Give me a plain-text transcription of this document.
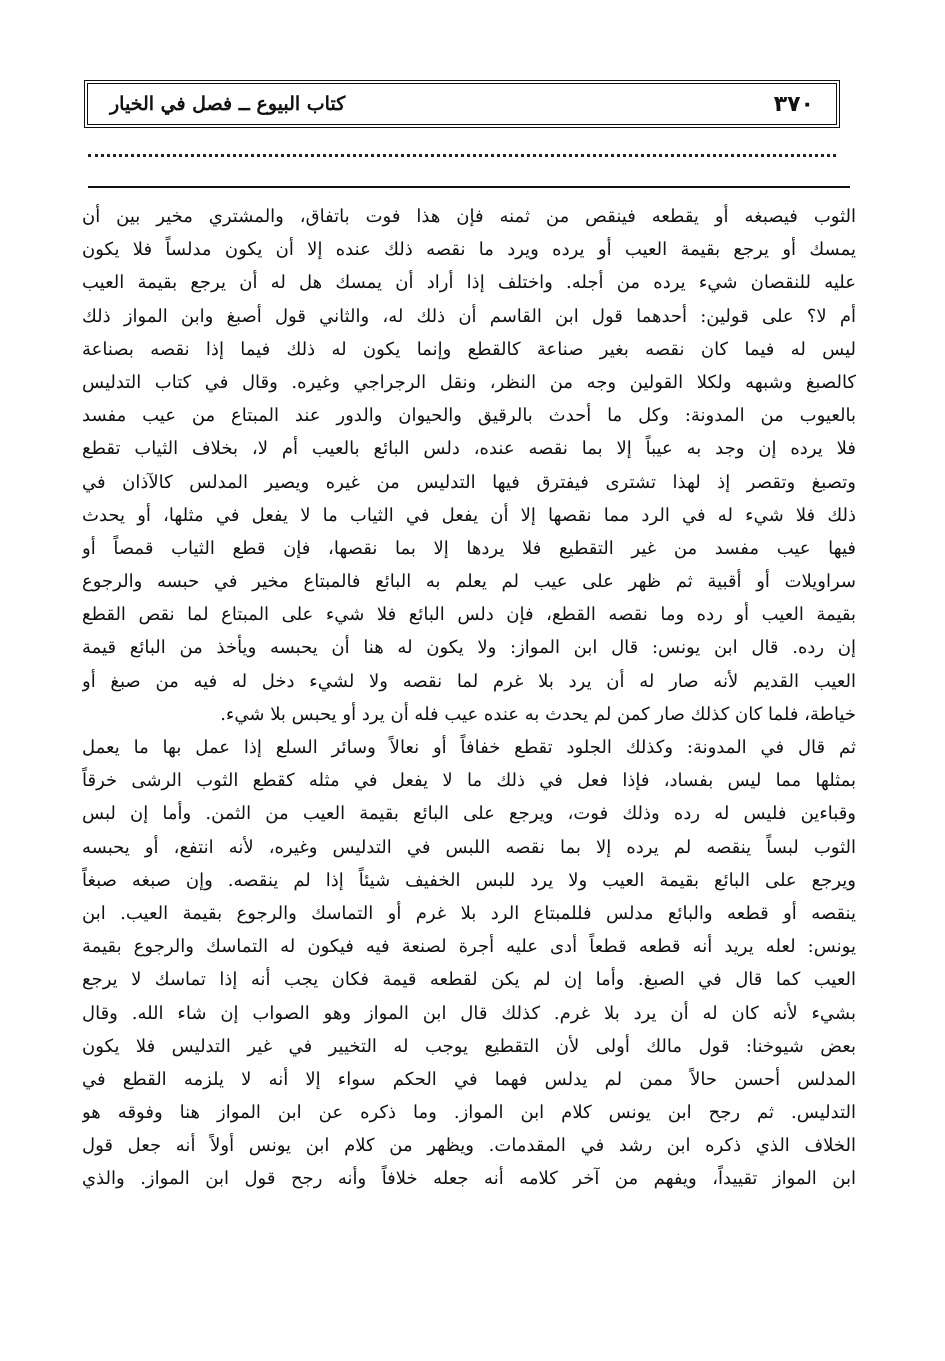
٣٧٠
كتاب البيوع ــ فصل في الخيار
الثوب فيصبغه أو يقطعه فينقص من ثمنه فإن هذا فوت باتفاق، والمشتري مخير بين أن
يمسك أو يرجع بقيمة العيب أو يرده ويرد ما نقصه ذلك عنده إلا أن يكون مدلساً فلا يكون
عليه للنقصان شيء يرده من أجله. واختلف إذا أراد أن يمسك هل له أن يرجع بقيمة العيب
أم لا؟ على قولين: أحدهما قول ابن القاسم أن ذلك له، والثاني قول أصبغ وابن المواز ذلك
ليس له فيما كان نقصه بغير صناعة كالقطع وإنما يكون له ذلك فيما إذا نقصه بصناعة
كالصبغ وشبهه ولكلا القولين وجه من النظر، ونقل الرجراجي وغيره. وقال في كتاب التدليس
بالعيوب من المدونة: وكل ما أحدث بالرقيق والحيوان والدور عند المبتاع من عيب مفسد
فلا يرده إن وجد به عيباً إلا بما نقصه عنده، دلس البائع بالعيب أم لا، بخلاف الثياب تقطع
وتصبغ وتقصر إذ لهذا تشترى فيفترق فيها التدليس من غيره ويصير المدلس كالآذان في
ذلك فلا شيء له في الرد مما نقصها إلا أن يفعل في الثياب ما لا يفعل في مثلها، أو يحدث
فيها عيب مفسد من غير التقطيع فلا يردها إلا بما نقصها، فإن قطع الثياب قمصاً أو
سراويلات أو أقبية ثم ظهر على عيب لم يعلم به البائع فالمبتاع مخير في حبسه والرجوع
بقيمة العيب أو رده وما نقصه القطع، فإن دلس البائع فلا شيء على المبتاع لما نقص القطع
إن رده. قال ابن يونس: قال ابن المواز: ولا يكون له هنا أن يحبسه ويأخذ من البائع قيمة
العيب القديم لأنه صار له أن يرد بلا غرم لما نقصه ولا لشيء دخل له فيه من صبغ أو
خياطة، فلما كان كذلك صار كمن لم يحدث به عنده عيب فله أن يرد أو يحبس بلا شيء.
ثم قال في المدونة: وكذلك الجلود تقطع خفافاً أو نعالاً وسائر السلع إذا عمل بها ما يعمل
بمثلها مما ليس بفساد، فإذا فعل في ذلك ما لا يفعل في مثله كقطع الثوب الرشى خرقاً
وقباءين فليس له رده وذلك فوت، ويرجع على البائع بقيمة العيب من الثمن. وأما إن لبس
الثوب لبساً ينقصه لم يرده إلا بما نقصه اللبس في التدليس وغيره، لأنه انتفع، أو يحبسه
ويرجع على البائع بقيمة العيب ولا يرد للبس الخفيف شيئاً إذا لم ينقصه. وإن صبغه صبغاً
ينقصه أو قطعه والبائع مدلس فللمبتاع الرد بلا غرم أو التماسك والرجوع بقيمة العيب. ابن
يونس: لعله يريد أنه قطعه قطعاً أدى عليه أجرة لصنعة فيه فيكون له التماسك والرجوع بقيمة
العيب كما قال في الصبغ. وأما إن لم يكن لقطعه قيمة فكان يجب أنه إذا تماسك لا يرجع
بشيء لأنه كان له أن يرد بلا غرم. كذلك قال ابن المواز وهو الصواب إن شاء الله. وقال
بعض شيوخنا: قول مالك أولى لأن التقطيع يوجب له التخيير في غير التدليس فلا يكون
المدلس أحسن حالاً ممن لم يدلس فهما في الحكم سواء إلا أنه لا يلزمه القطع في
التدليس. ثم رجح ابن يونس كلام ابن المواز. وما ذكره عن ابن المواز هنا وفوقه هو
الخلاف الذي ذكره ابن رشد في المقدمات. ويظهر من كلام ابن يونس أولاً أنه جعل قول
ابن المواز تقييداً، ويفهم من آخر كلامه أنه جعله خلافاً وأنه رجح قول ابن المواز. والذي
